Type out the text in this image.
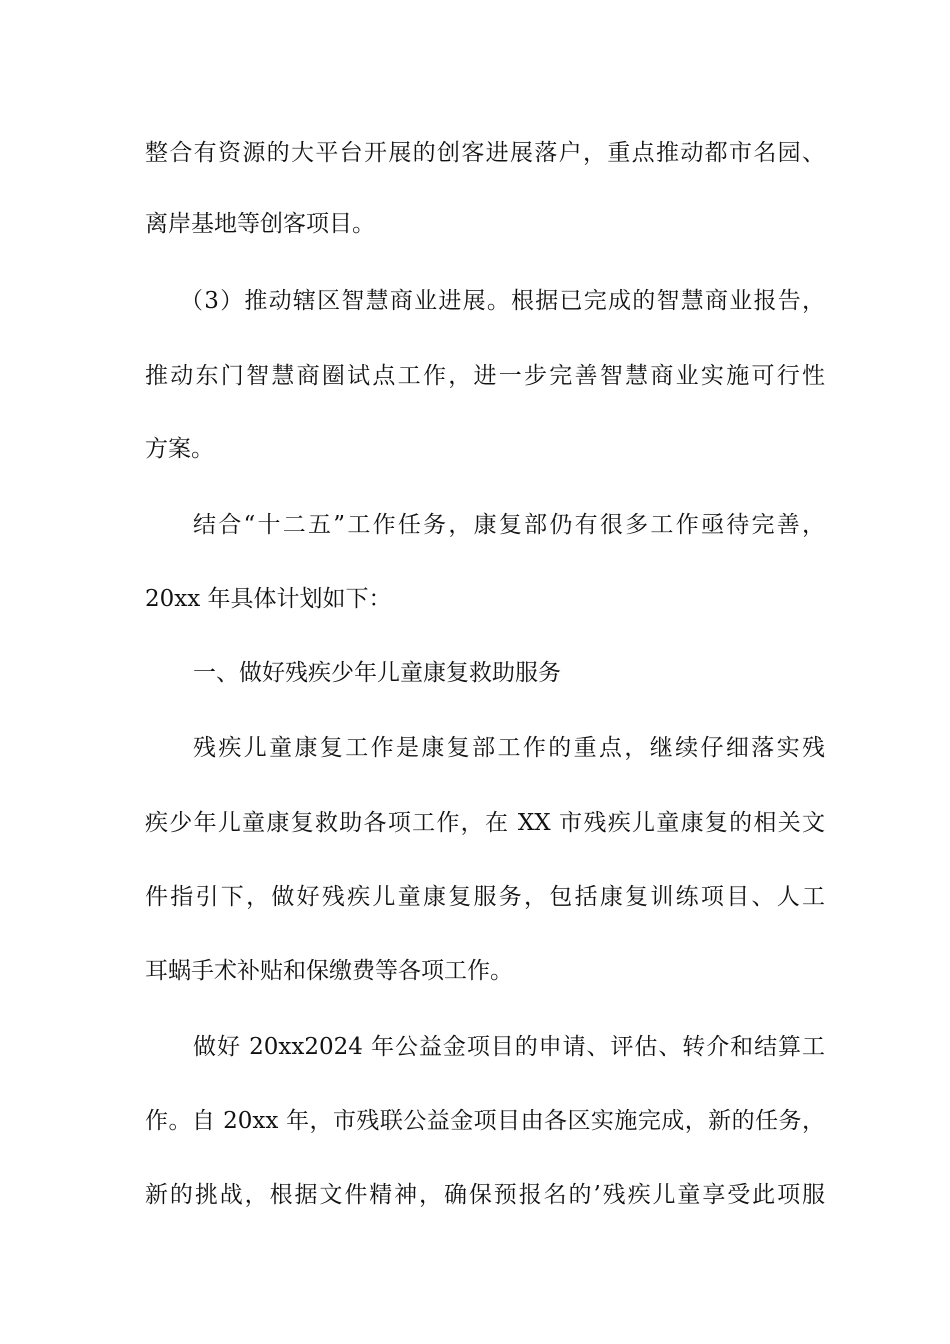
整合有资源的大平台开展的创客进展落户，重点推动都市名园、
离岸基地等创客项目。
（3）推动辖区智慧商业进展。根据已完成的智慧商业报告，
推动东门智慧商圈试点工作，进一步完善智慧商业实施可行性
方案。
结合“十二五”工作任务，康复部仍有很多工作亟待完善，
20xx 年具体计划如下：
一、做好残疾少年儿童康复救助服务
残疾儿童康复工作是康复部工作的重点，继续仔细落实残
疾少年儿童康复救助各项工作，在 XX 市残疾儿童康复的相关文
件指引下，做好残疾儿童康复服务，包括康复训练项目、人工
耳蜗手术补贴和保缴费等各项工作。
做好 20xx2024 年公益金项目的申请、评估、转介和结算工
作。自 20xx 年，市残联公益金项目由各区实施完成，新的任务，
新的挑战，根据文件精神，确保预报名的’残疾儿童享受此项服
